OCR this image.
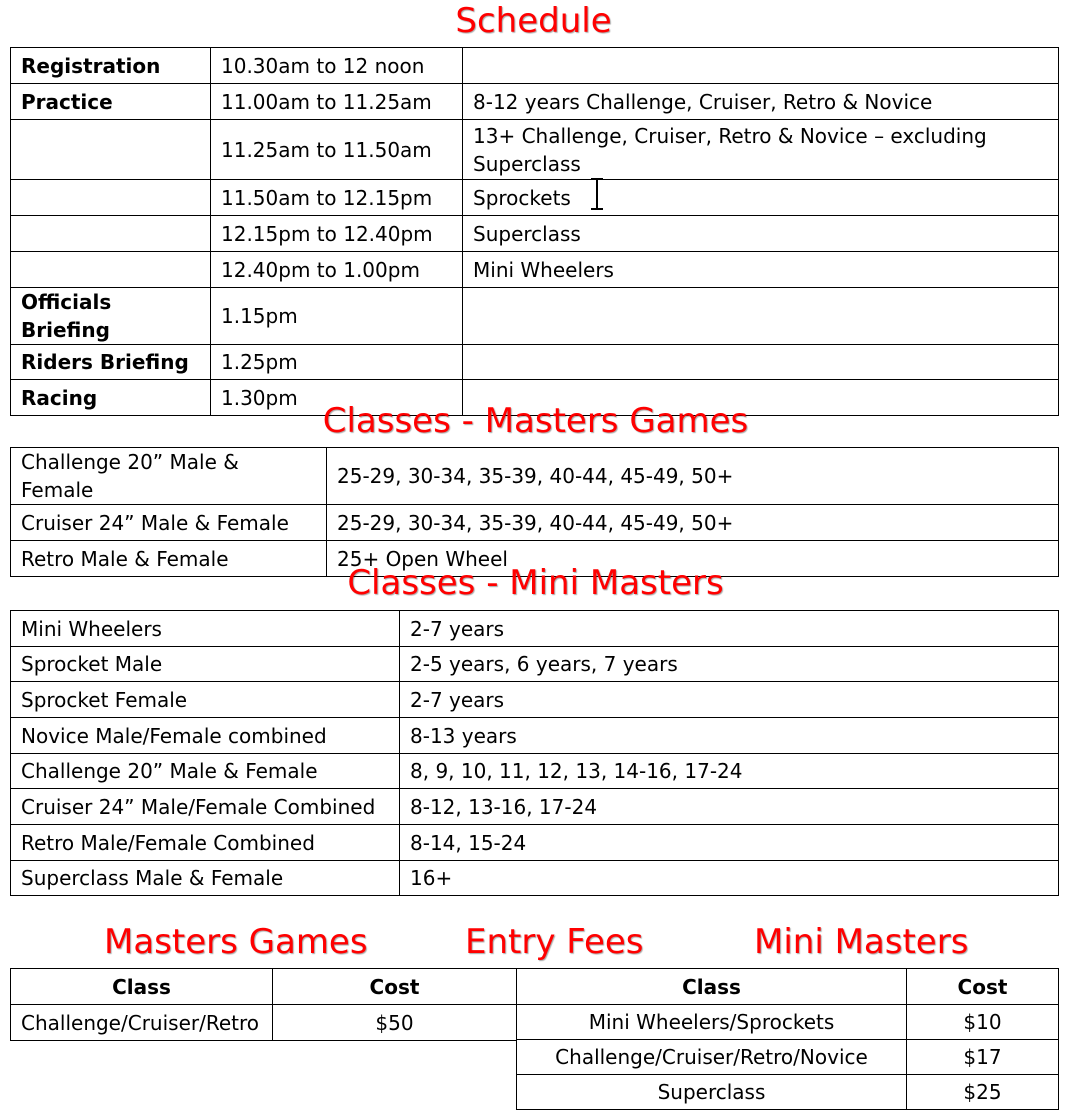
Schedule
Registration	10.30am to 12 noon	
Practice	11.00am to 11.25am	8-12 years Challenge, Cruiser, Retro & Novice
	11.25am to 11.50am	13+ Challenge, Cruiser, Retro & Novice – excluding Superclass
	11.50am to 12.15pm	Sprockets
	12.15pm to 12.40pm	Superclass
	12.40pm to 1.00pm	Mini Wheelers
Officials Briefing	1.15pm	
Riders Briefing	1.25pm	
Racing	1.30pm	
Classes - Masters Games
Challenge 20” Male & Female	25-29, 30-34, 35-39, 40-44, 45-49, 50+
Cruiser 24” Male & Female	25-29, 30-34, 35-39, 40-44, 45-49, 50+
Retro Male & Female	25+ Open Wheel
Classes - Mini Masters
Mini Wheelers	2-7 years
Sprocket Male	2-5 years, 6 years, 7 years
Sprocket Female	2-7 years
Novice Male/Female combined	8-13 years
Challenge 20” Male & Female	8, 9, 10, 11, 12, 13, 14-16, 17-24
Cruiser 24” Male/Female Combined	8-12, 13-16, 17-24
Retro Male/Female Combined	8-14, 15-24
Superclass Male & Female	16+
Masters Games	Entry Fees	Mini Masters
Class	Cost
Challenge/Cruiser/Retro	$50
Class	Cost
Mini Wheelers/Sprockets	$10
Challenge/Cruiser/Retro/Novice	$17
Superclass	$25
